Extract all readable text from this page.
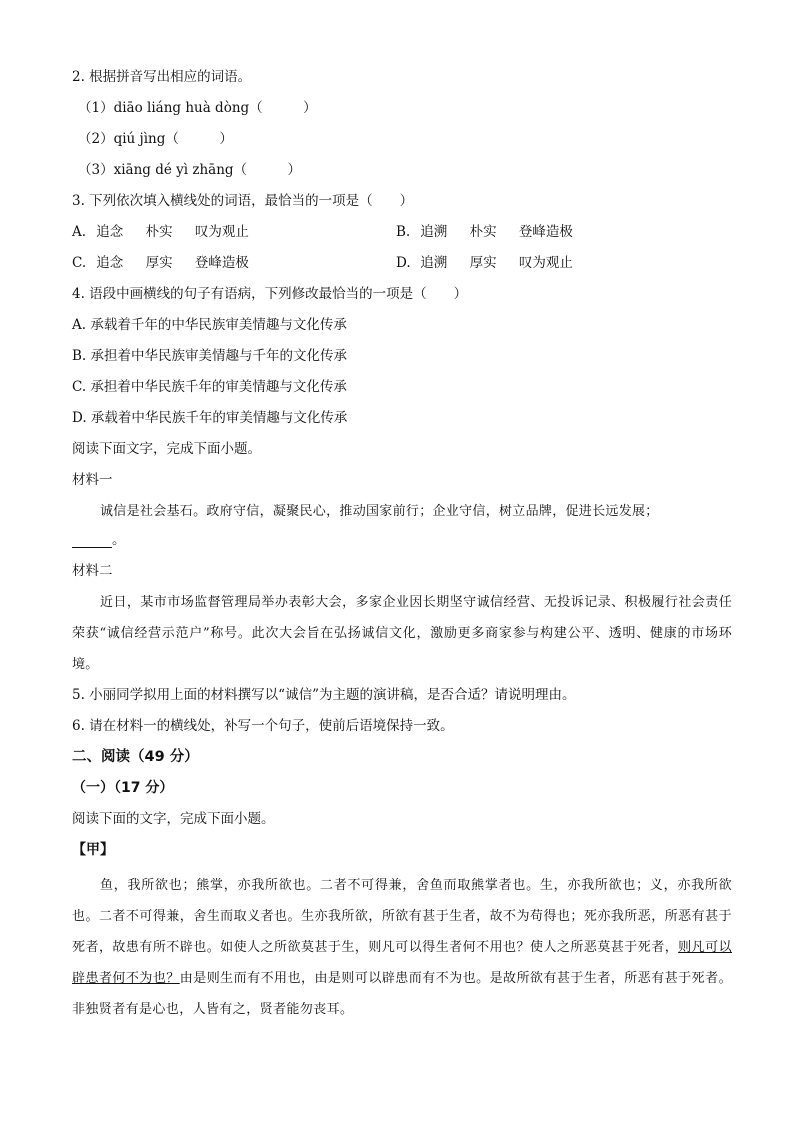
2. 根据拼音写出相应的词语。
（1）diāo liáng huà dòng（　　　）
（2）qiú jìng（　　　）
（3）xiāng dé yì zhāng（　　　）
3. 下列依次填入横线处的词语，最恰当的一项是（　　）
A. 追念 朴实 叹为观止	B. 追溯 朴实 登峰造极
C. 追念 厚实 登峰造极	D. 追溯 厚实 叹为观止
4. 语段中画横线的句子有语病，下列修改最恰当的一项是（　　）
A. 承载着千年的中华民族审美情趣与文化传承
B. 承担着中华民族审美情趣与千年的文化传承
C. 承担着中华民族千年的审美情趣与文化传承
D. 承载着中华民族千年的审美情趣与文化传承
阅读下面文字，完成下面小题。
材料一
诚信是社会基石。政府守信，凝聚民心，推动国家前行；企业守信，树立品牌，促进长远发展；
。
材料二
近日，某市市场监督管理局举办表彰大会，多家企业因长期坚守诚信经营、无投诉记录、积极履行社会责任荣获“诚信经营示范户”称号。此次大会旨在弘扬诚信文化，激励更多商家参与构建公平、透明、健康的市场环境。
5. 小丽同学拟用上面的材料撰写以“诚信”为主题的演讲稿，是否合适？请说明理由。
6. 请在材料一的横线处，补写一个句子，使前后语境保持一致。
二、阅读（49 分）
（一）（17 分）
阅读下面的文字，完成下面小题。
【甲】
鱼，我所欲也；熊掌，亦我所欲也。二者不可得兼，舍鱼而取熊掌者也。生，亦我所欲也；义，亦我所欲也。二者不可得兼，舍生而取义者也。生亦我所欲，所欲有甚于生者，故不为苟得也；死亦我所恶，所恶有甚于死者，故患有所不辟也。如使人之所欲莫甚于生，则凡可以得生者何不用也？使人之所恶莫甚于死者，则凡可以辟患者何不为也？由是则生而有不用也，由是则可以辟患而有不为也。是故所欲有甚于生者，所恶有甚于死者。非独贤者有是心也，人皆有之，贤者能勿丧耳。
